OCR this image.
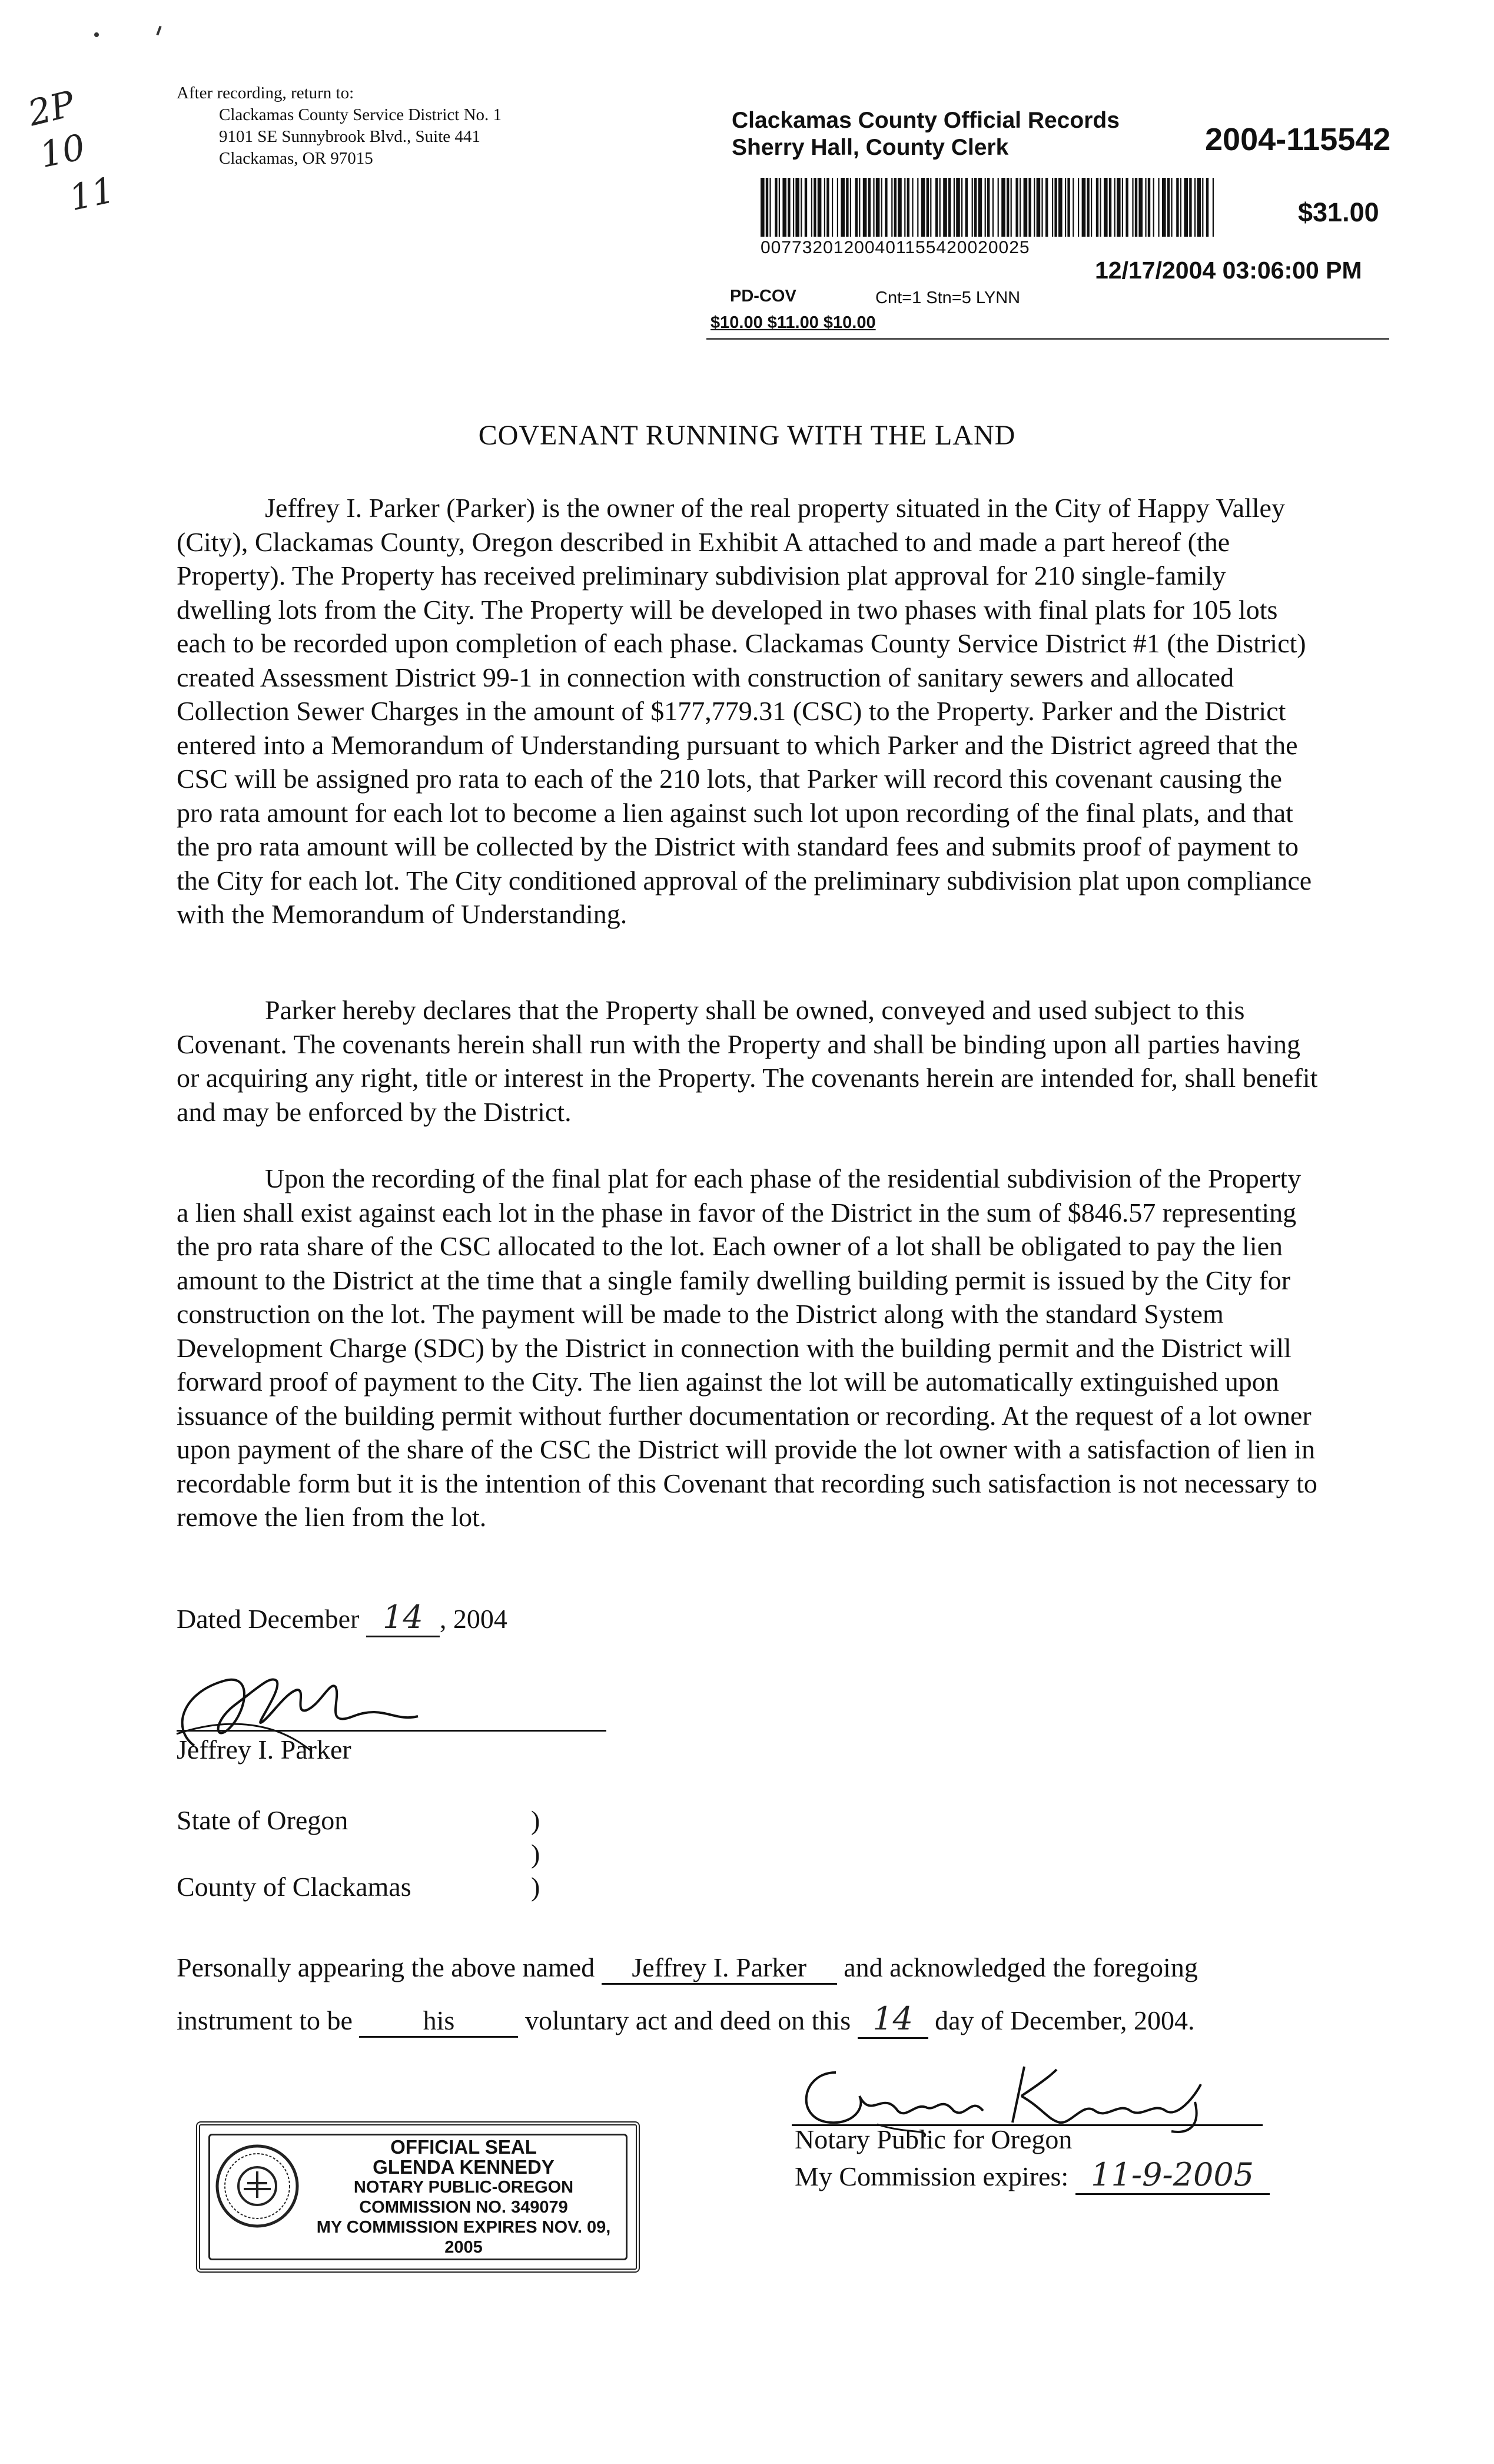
2P
10
11
After recording, return to:
Clackamas County Service District No. 1
9101 SE Sunnybrook Blvd., Suite 441
Clackamas, OR 97015
Clackamas County Official Records
Sherry Hall, County Clerk	2004-115542
00773201200401155420020025
$31.00
12/17/2004 03:06:00 PM
PD-COV	Cnt=1 Stn=5 LYNN
$10.00 $11.00 $10.00
COVENANT RUNNING WITH THE LAND

Jeffrey I. Parker (Parker) is the owner of the real property situated in the City of Happy Valley (City), Clackamas County, Oregon described in Exhibit A attached to and made a part hereof (the Property). The Property has received preliminary subdivision plat approval for 210 single-family dwelling lots from the City. The Property will be developed in two phases with final plats for 105 lots each to be recorded upon completion of each phase. Clackamas County Service District #1 (the District) created Assessment District 99-1 in connection with construction of sanitary sewers and allocated Collection Sewer Charges in the amount of $177,779.31 (CSC) to the Property. Parker and the District entered into a Memorandum of Understanding pursuant to which Parker and the District agreed that the CSC will be assigned pro rata to each of the 210 lots, that Parker will record this covenant causing the pro rata amount for each lot to become a lien against such lot upon recording of the final plats, and that the pro rata amount will be collected by the District with standard fees and submits proof of payment to the City for each lot. The City conditioned approval of the preliminary subdivision plat upon compliance with the Memorandum of Understanding.

Parker hereby declares that the Property shall be owned, conveyed and used subject to this Covenant. The covenants herein shall run with the Property and shall be binding upon all parties having or acquiring any right, title or interest in the Property. The covenants herein are intended for, shall benefit and may be enforced by the District.

Upon the recording of the final plat for each phase of the residential subdivision of the Property a lien shall exist against each lot in the phase in favor of the District in the sum of $846.57 representing the pro rata share of the CSC allocated to the lot. Each owner of a lot shall be obligated to pay the lien amount to the District at the time that a single family dwelling building permit is issued by the City for construction on the lot. The payment will be made to the District along with the standard System Development Charge (SDC) by the District in connection with the building permit and the District will forward proof of payment to the City. The lien against the lot will be automatically extinguished upon issuance of the building permit without further documentation or recording. At the request of a lot owner upon payment of the share of the CSC the District will provide the lot owner with a satisfaction of lien in recordable form but it is the intention of this Covenant that recording such satisfaction is not necessary to remove the lien from the lot.

Dated December 14 , 2004
Jeffrey I. Parker
State of Oregon	)
)
County of Clackamas	)
Personally appearing the above named Jeffrey I. Parker and acknowledged the foregoing
instrument to be	his	voluntary act and deed on this 14 day of December, 2004.
Notary Public for Oregon
My Commission expires: 11-9-2005
OFFICIAL SEAL
GLENDA KENNEDY
NOTARY PUBLIC-OREGON
COMMISSION NO. 349079
MY COMMISSION EXPIRES NOV. 09, 2005
